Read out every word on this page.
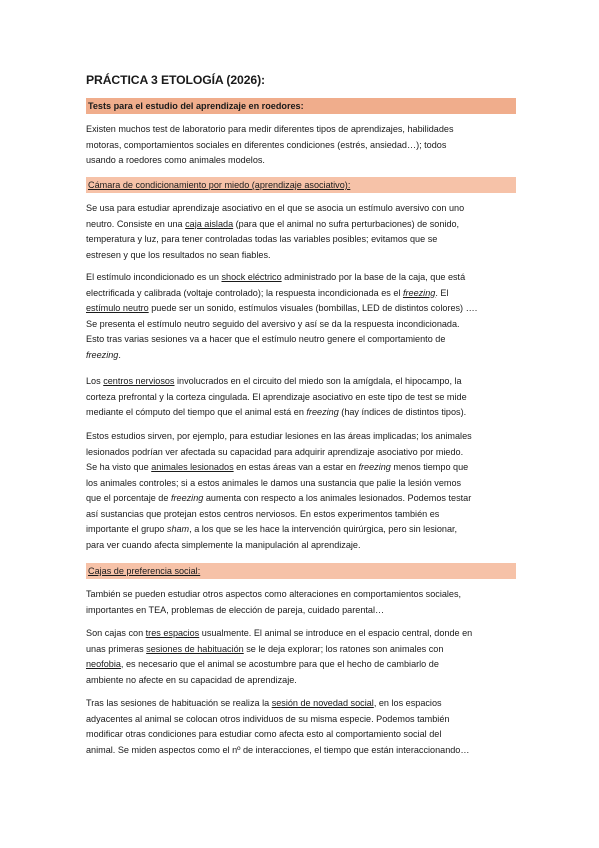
PRÁCTICA 3 ETOLOGÍA (2026):
Tests para el estudio del aprendizaje en roedores:
Existen muchos test de laboratorio para medir diferentes tipos de aprendizajes, habilidades
motoras, comportamientos sociales en diferentes condiciones (estrés, ansiedad…); todos
usando a roedores como animales modelos.
Cámara de condicionamiento por miedo (aprendizaje asociativo):
Se usa para estudiar aprendizaje asociativo en el que se asocia un estímulo aversivo con uno
neutro. Consiste en una caja aislada (para que el animal no sufra perturbaciones) de sonido,
temperatura y luz, para tener controladas todas las variables posibles; evitamos que se
estresen y que los resultados no sean fiables.
El estímulo incondicionado es un shock eléctrico administrado por la base de la caja, que está
electrificada y calibrada (voltaje controlado); la respuesta incondicionada es el freezing. El
estímulo neutro puede ser un sonido, estímulos visuales (bombillas, LED de distintos colores) ….
Se presenta el estímulo neutro seguido del aversivo y así se da la respuesta incondicionada.
Esto tras varias sesiones va a hacer que el estímulo neutro genere el comportamiento de
freezing.
Los centros nerviosos involucrados en el circuito del miedo son la amígdala, el hipocampo, la
corteza prefrontal y la corteza cingulada. El aprendizaje asociativo en este tipo de test se mide
mediante el cómputo del tiempo que el animal está en freezing (hay índices de distintos tipos).
Estos estudios sirven, por ejemplo, para estudiar lesiones en las áreas implicadas; los animales
lesionados podrían ver afectada su capacidad para adquirir aprendizaje asociativo por miedo.
Se ha visto que animales lesionados en estas áreas van a estar en freezing menos tiempo que
los animales controles; si a estos animales le damos una sustancia que palie la lesión vemos
que el porcentaje de freezing aumenta con respecto a los animales lesionados. Podemos testar
así sustancias que protejan estos centros nerviosos. En estos experimentos también es
importante el grupo sham, a los que se les hace la intervención quirúrgica, pero sin lesionar,
para ver cuando afecta simplemente la manipulación al aprendizaje.
Cajas de preferencia social:
También se pueden estudiar otros aspectos como alteraciones en comportamientos sociales,
importantes en TEA, problemas de elección de pareja, cuidado parental…
Son cajas con tres espacios usualmente. El animal se introduce en el espacio central, donde en
unas primeras sesiones de habituación se le deja explorar; los ratones son animales con
neofobia, es necesario que el animal se acostumbre para que el hecho de cambiarlo de
ambiente no afecte en su capacidad de aprendizaje.
Tras las sesiones de habituación se realiza la sesión de novedad social, en los espacios
adyacentes al animal se colocan otros individuos de su misma especie. Podemos también
modificar otras condiciones para estudiar como afecta esto al comportamiento social del
animal. Se miden aspectos como el nº de interacciones, el tiempo que están interaccionando…
